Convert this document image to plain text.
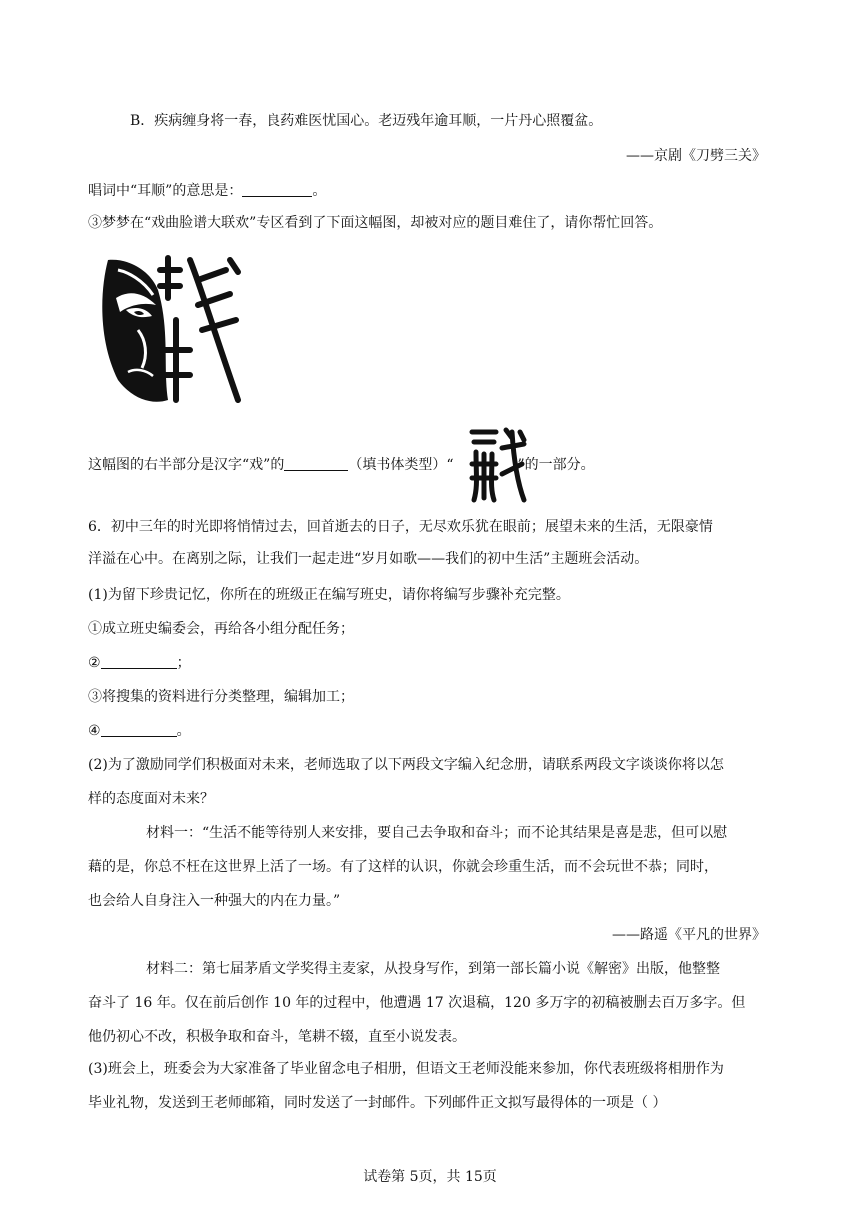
B．疾病缠身将一春，良药难医忧国心。老迈残年逾耳顺，一片丹心照覆盆。
——京剧《刀劈三关》
唱词中“耳顺”的意思是：	。
③梦梦在“戏曲脸谱大联欢”专区看到了下面这幅图，却被对应的题目难住了，请你帮忙回答。
这幅图的右半部分是汉字“戏”的	（填书体类型）“	”的一部分。
6．初中三年的时光即将悄情过去，回首逝去的日子，无尽欢乐犹在眼前；展望未来的生活，无限豪情
洋溢在心中。在离别之际，让我们一起走进“岁月如歌——我们的初中生活”主题班会活动。
(1)为留下珍贵记忆，你所在的班级正在编写班史，请你将编写步骤补充完整。
①成立班史编委会，再给各小组分配任务；
②	；
③将搜集的资料进行分类整理，编辑加工；
④	。
(2)为了激励同学们积极面对未来，老师选取了以下两段文字编入纪念册，请联系两段文字谈谈你将以怎
样的态度面对未来？
材料一：“生活不能等待别人来安排，要自己去争取和奋斗；而不论其结果是喜是悲，但可以慰
藉的是，你总不枉在这世界上活了一场。有了这样的认识，你就会珍重生活，而不会玩世不恭；同时，
也会给人自身注入一种强大的内在力量。”
——路遥《平凡的世界》
材料二：第七届茅盾文学奖得主麦家，从投身写作，到第一部长篇小说《解密》出版，他整整
奋斗了 16 年。仅在前后创作 10 年的过程中，他遭遇 17 次退稿，120 多万字的初稿被删去百万多字。但
他仍初心不改，积极争取和奋斗，笔耕不辍，直至小说发表。
(3)班会上，班委会为大家准备了毕业留念电子相册，但语文王老师没能来参加，你代表班级将相册作为
毕业礼物，发送到王老师邮箱，同时发送了一封邮件。下列邮件正文拟写最得体的一项是（ ）
试卷第 5页，共 15页
